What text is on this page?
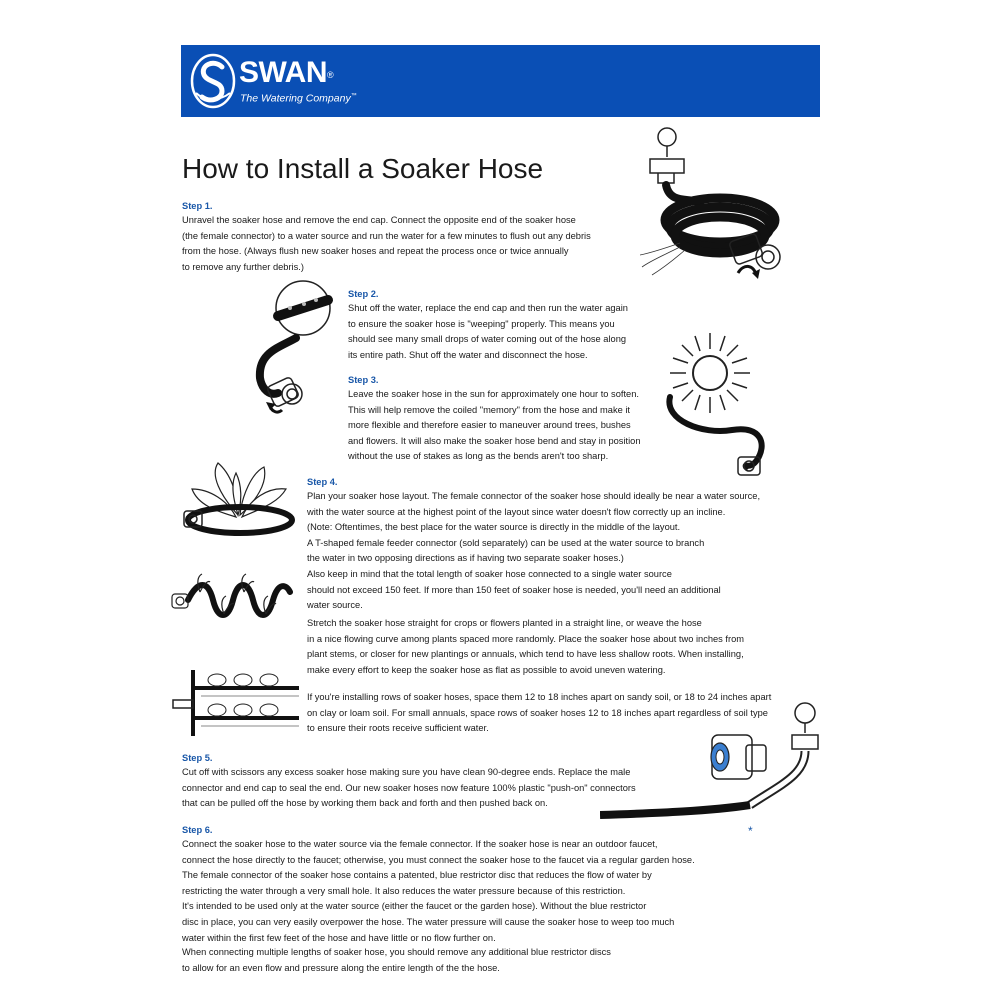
SWAN®
The Watering Company™
How to Install a Soaker Hose
Step 1.
Unravel the soaker hose and remove the end cap. Connect the opposite end of the soaker hose
(the female connector) to a water source and run the water for a few minutes to flush out any debris
from the hose. (Always flush new soaker hoses and repeat the process once or twice annually
to remove any further debris.)
Step 2.
Shut off the water, replace the end cap and then run the water again
to ensure the soaker hose is "weeping" properly. This means you
should see many small drops of water coming out of the hose along
its entire path. Shut off the water and disconnect the hose.
Step 3.
Leave the soaker hose in the sun for approximately one hour to soften.
This will help remove the coiled "memory" from the hose and make it
more flexible and therefore easier to maneuver around trees, bushes
and flowers. It will also make the soaker hose bend and stay in position
without the use of stakes as long as the bends aren't too sharp.
Step 4.
Plan your soaker hose layout. The female connector of the soaker hose should ideally be near a water source,
with the water source at the highest point of the layout since water doesn't flow correctly up an incline.
(Note: Oftentimes, the best place for the water source is directly in the middle of the layout.
A T-shaped female feeder connector (sold separately) can be used at the water source to branch
the water in two opposing directions as if having two separate soaker hoses.)
Also keep in mind that the total length of soaker hose connected to a single water source
should not exceed 150 feet. If more than 150 feet of soaker hose is needed, you'll need an additional
water source.
Stretch the soaker hose straight for crops or flowers planted in a straight line, or weave the hose
in a nice flowing curve among plants spaced more randomly. Place the soaker hose about two inches from
plant stems, or closer for new plantings or annuals, which tend to have less shallow roots. When installing,
make every effort to keep the soaker hose as flat as possible to avoid uneven watering.
If you're installing rows of soaker hoses, space them 12 to 18 inches apart on sandy soil, or 18 to 24 inches apart
on clay or loam soil. For small annuals, space rows of soaker hoses 12 to 18 inches apart regardless of soil type
to ensure their roots receive sufficient water.
Step 5.
Cut off with scissors any excess soaker hose making sure you have clean 90-degree ends. Replace the male
connector and end cap to seal the end. Our new soaker hoses now feature 100% plastic "push-on" connectors
that can be pulled off the hose by working them back and forth and then pushed back on.
Step 6.
Connect the soaker hose to the water source via the female connector. If the soaker hose is near an outdoor faucet,
connect the hose directly to the faucet; otherwise, you must connect the soaker hose to the faucet via a regular garden hose.
The female connector of the soaker hose contains a patented, blue restrictor disc that reduces the flow of water by
restricting the water through a very small hole. It also reduces the water pressure because of this restriction.
It's intended to be used only at the water source (either the faucet or the garden hose). Without the blue restrictor
disc in place, you can very easily overpower the hose. The water pressure will cause the soaker hose to weep too much
water within the first few feet of the hose and have little or no flow further on.
When connecting multiple lengths of soaker hose, you should remove any additional blue restrictor discs
to allow for an even flow and pressure along the entire length of the the hose.
*
